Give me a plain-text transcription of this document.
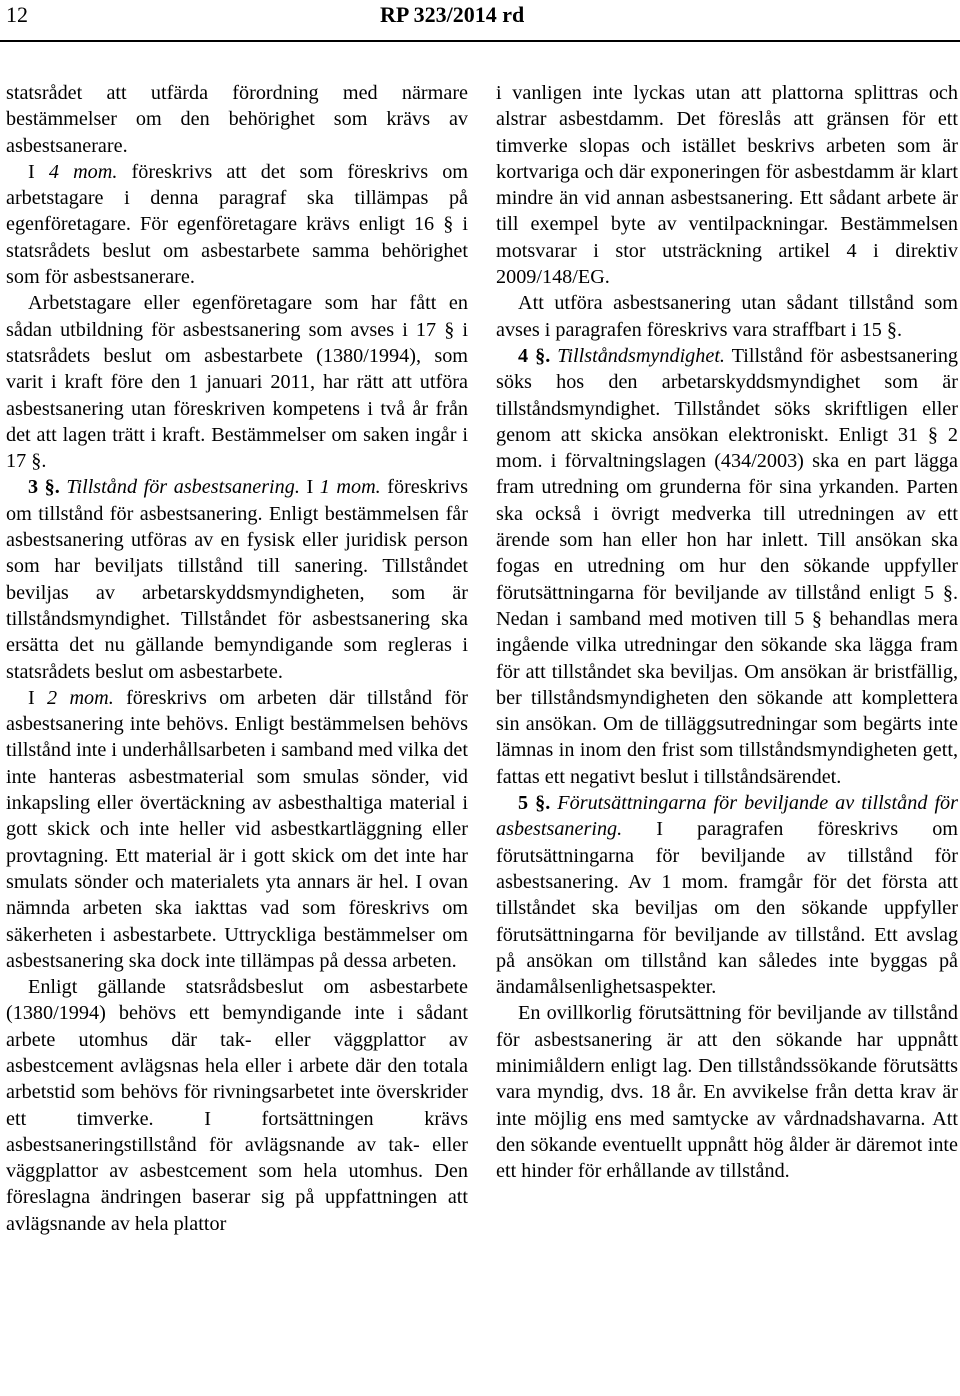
12	RP 323/2014 rd

statsrådet att utfärda förordning med närmare bestämmelser om den behörighet som krävs av asbestsanerare.

I 4 mom. föreskrivs att det som föreskrivs om arbetstagare i denna paragraf ska tillämpas på egenföretagare. För egenföretagare krävs enligt 16 § i statsrådets beslut om asbestarbete samma behörighet som för asbestsanerare.

Arbetstagare eller egenföretagare som har fått en sådan utbildning för asbestsanering som avses i 17 § i statsrådets beslut om asbestarbete (1380/1994), som varit i kraft före den 1 januari 2011, har rätt att utföra asbestsanering utan föreskriven kompetens i två år från det att lagen trätt i kraft. Bestämmelser om saken ingår i 17 §.

3 §. Tillstånd för asbestsanering. I 1 mom. föreskrivs om tillstånd för asbestsanering. Enligt bestämmelsen får asbestsanering utföras av en fysisk eller juridisk person som har beviljats tillstånd till sanering. Tillståndet beviljas av arbetarskyddsmyndigheten, som är tillståndsmyndighet. Tillståndet för asbestsanering ska ersätta det nu gällande bemyndigande som regleras i statsrådets beslut om asbestarbete.

I 2 mom. föreskrivs om arbeten där tillstånd för asbestsanering inte behövs. Enligt bestämmelsen behövs tillstånd inte i underhållsarbeten i samband med vilka det inte hanteras asbestmaterial som smulas sönder, vid inkapsling eller övertäckning av asbesthaltiga material i gott skick och inte heller vid asbestkartläggning eller provtagning. Ett material är i gott skick om det inte har smulats sönder och materialets yta annars är hel. I ovan nämnda arbeten ska iakttas vad som föreskrivs om säkerheten i asbestarbete. Uttryckliga bestämmelser om asbestsanering ska dock inte tillämpas på dessa arbeten.

Enligt gällande statsrådsbeslut om asbestarbete (1380/1994) behövs ett bemyndigande inte i sådant arbete utomhus där tak- eller väggplattor av asbestcement avlägsnas hela eller i arbete där den totala arbetstid som behövs för rivningsarbetet inte överskrider ett timverke. I fortsättningen krävs asbestsaneringstillstånd för avlägsnande av tak- eller väggplattor av asbestcement som hela utomhus. Den föreslagna ändringen baserar sig på uppfattningen att avlägsnande av hela plattor

i vanligen inte lyckas utan att plattorna splittras och alstrar asbestdamm. Det föreslås att gränsen för ett timverke slopas och istället beskrivs arbeten som är kortvariga och där exponeringen för asbestdamm är klart mindre än vid annan asbestsanering. Ett sådant arbete är till exempel byte av ventilpackningar. Bestämmelsen motsvarar i stor utsträckning artikel 4 i direktiv 2009/148/EG.

Att utföra asbestsanering utan sådant tillstånd som avses i paragrafen föreskrivs vara straffbart i 15 §.

4 §. Tillståndsmyndighet. Tillstånd för asbestsanering söks hos den arbetarskyddsmyndighet som är tillståndsmyndighet. Tillståndet söks skriftligen eller genom att skicka ansökan elektroniskt. Enligt 31 § 2 mom. i förvaltningslagen (434/2003) ska en part lägga fram utredning om grunderna för sina yrkanden. Parten ska också i övrigt medverka till utredningen av ett ärende som han eller hon har inlett. Till ansökan ska fogas en utredning om hur den sökande uppfyller förutsättningarna för beviljande av tillstånd enligt 5 §. Nedan i samband med motiven till 5 § behandlas mera ingående vilka utredningar den sökande ska lägga fram för att tillståndet ska beviljas. Om ansökan är bristfällig, ber tillståndsmyndigheten den sökande att komplettera sin ansökan. Om de tilläggsutredningar som begärts inte lämnas in inom den frist som tillståndsmyndigheten gett, fattas ett negativt beslut i tillståndsärendet.

5 §. Förutsättningarna för beviljande av tillstånd för asbestsanering. I paragrafen föreskrivs om förutsättningarna för beviljande av tillstånd för asbestsanering. Av 1 mom. framgår för det första att tillståndet ska beviljas om den sökande uppfyller förutsättningarna för beviljande av tillstånd. Ett avslag på ansökan om tillstånd kan således inte byggas på ändamålsenlighetsaspekter.

En ovillkorlig förutsättning för beviljande av tillstånd för asbestsanering är att den sökande har uppnått minimiåldern enligt lag. Den tillståndssökande förutsätts vara myndig, dvs. 18 år. En avvikelse från detta krav är inte möjlig ens med samtycke av vårdnadshavarna. Att den sökande eventuellt uppnått hög ålder är däremot inte ett hinder för erhållande av tillstånd.
